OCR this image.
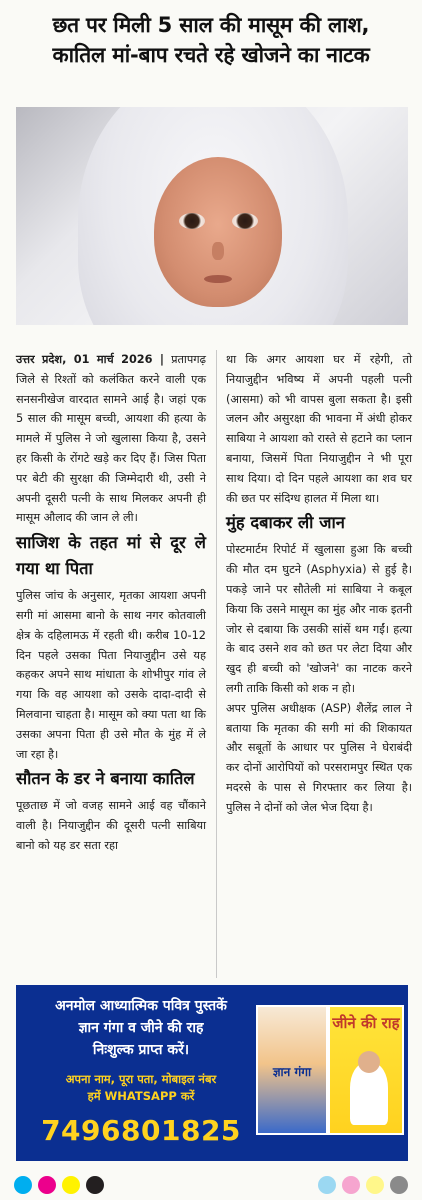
छत पर मिली 5 साल की मासूम की लाश,
कातिल मां-बाप रचते रहे खोजने का नाटक

उत्तर प्रदेश, 01 मार्च 2026 | प्रतापगढ़ जिले से रिश्तों को कलंकित करने वाली एक सनसनीखेज वारदात सामने आई है। जहां एक 5 साल की मासूम बच्ची, आयशा की हत्या के मामले में पुलिस ने जो खुलासा किया है, उसने हर किसी के रोंगटे खड़े कर दिए हैं। जिस पिता पर बेटी की सुरक्षा की जिम्मेदारी थी, उसी ने अपनी दूसरी पत्नी के साथ मिलकर अपनी ही मासूम औलाद की जान ले ली।

साजिश के तहत मां से दूर ले गया था पिता

पुलिस जांच के अनुसार, मृतका आयशा अपनी सगी मां आसमा बानो के साथ नगर कोतवाली क्षेत्र के दहिलामऊ में रहती थी। करीब 10-12 दिन पहले उसका पिता नियाजुद्दीन उसे यह कहकर अपने साथ मांधाता के शोभीपुर गांव ले गया कि वह आयशा को उसके दादा-दादी से मिलवाना चाहता है। मासूम को क्या पता था कि उसका अपना पिता ही उसे मौत के मुंह में ले जा रहा है।

सौतन के डर ने बनाया कातिल

पूछताछ में जो वजह सामने आई वह चौंकाने वाली है। नियाजुद्दीन की दूसरी पत्नी साबिया बानो को यह डर सता रहा

था कि अगर आयशा घर में रहेगी, तो नियाजुद्दीन भविष्य में अपनी पहली पत्नी (आसमा) को भी वापस बुला सकता है। इसी जलन और असुरक्षा की भावना में अंधी होकर साबिया ने आयशा को रास्ते से हटाने का प्लान बनाया, जिसमें पिता नियाजुद्दीन ने भी पूरा साथ दिया। दो दिन पहले आयशा का शव घर की छत पर संदिग्ध हालत में मिला था।

मुंह दबाकर ली जान

पोस्टमार्टम रिपोर्ट में खुलासा हुआ कि बच्ची की मौत दम घुटने (Asphyxia) से हुई है। पकड़े जाने पर सौतेली मां साबिया ने कबूल किया कि उसने मासूम का मुंह और नाक इतनी जोर से दबाया कि उसकी सांसें थम गईं। हत्या के बाद उसने शव को छत पर लेटा दिया और खुद ही बच्ची को 'खोजने' का नाटक करने लगी ताकि किसी को शक न हो।

अपर पुलिस अधीक्षक (ASP) शैलेंद्र लाल ने बताया कि मृतका की सगी मां की शिकायत और सबूतों के आधार पर पुलिस ने घेराबंदी कर दोनों आरोपियों को परसरामपुर स्थित एक मदरसे के पास से गिरफ्तार कर लिया है। पुलिस ने दोनों को जेल भेज दिया है।

अनमोल आध्यात्मिक पवित्र पुस्तकें
ज्ञान गंगा व जीने की राह
निःशुल्क प्राप्त करें।
अपना नाम, पूरा पता, मोबाइल नंबर
हमें WHATSAPP करें
7496801825
ज्ञान गंगा
जीने की राह
